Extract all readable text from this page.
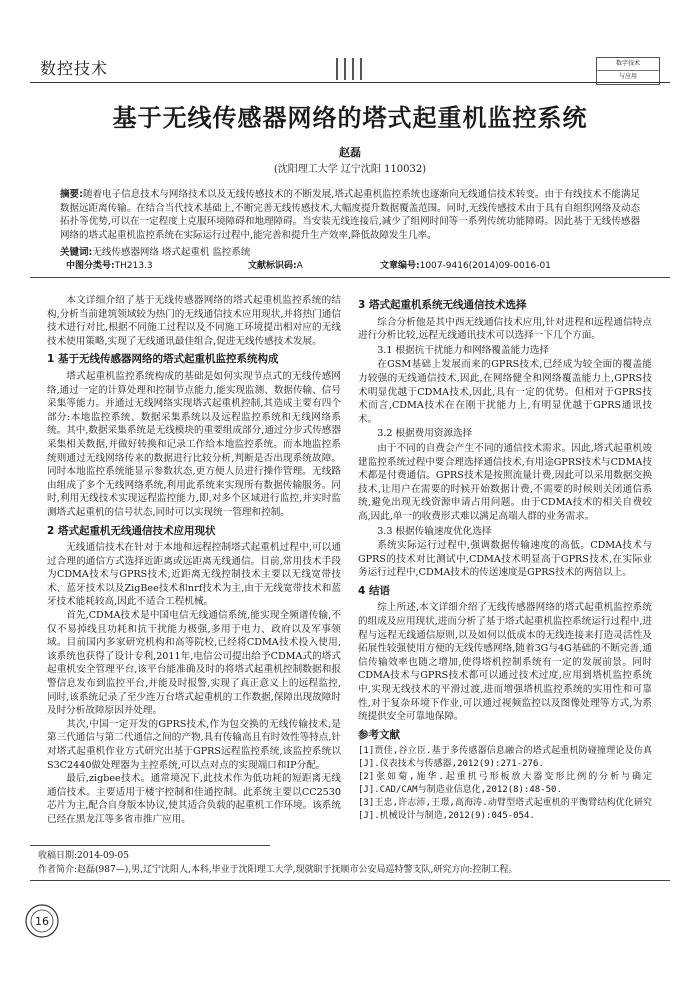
数控技术	数字技术
与应用
基于无线传感器网络的塔式起重机监控系统
赵磊
(沈阳理工大学 辽宁沈阳 110032)
摘要:随着电子信息技术与网络技术以及无线传感技术的不断发展,塔式起重机监控系统也逐渐向无线通信技术转变。由于有线技术不能满足数据远距离传输。在结合当代技术基础上,不断完善无线传感技术,大幅度提升数据覆盖范围。同时,无线传感技术由于具有自组织网络及动态拓扑等优势,可以在一定程度上克服环境障碍和地理障碍。当安装无线连接后,减少了组网时间等一系列传统功能障碍。因此基于无线传感器网络的塔式起重机监控系统在实际运行过程中,能完善和提升生产效率,降低故障发生几率。
关键词:无线传感器网络 塔式起重机 监控系统
中图分类号:TH213.3	文献标识码:A	文章编号:1007-9416(2014)09-0016-01

本文详细介绍了基于无线传感器网络的塔式起重机监控系统的结构,分析当前建筑领域较为热门的无线通信技术应用现状,并将热门通信技术进行对比,根据不同施工过程以及不同施工环境提出相对应的无线技术使用策略,实现了无线通讯最佳组合,促进无线传感技术发展。

1 基于无线传感器网络的塔式起重机监控系统构成

塔式起重机监控系统构成的基础是如何实现节点式的无线传感网络,通过一定的计算处理和控制节点能力,能实现监测、数据传输、信号采集等能力。并通过无线网络实现塔式起重机控制,其造成主要有四个部分:本地监控系统、数据采集系统以及远程监控系统和无线网络系统。其中,数据采集系统是无线模块的重要组成部分,通过分步式传感器采集相关数据,并做好转换和记录工作给本地监控系统。而本地监控系统则通过无线网络传来的数据进行比较分析,判断是否出现系统故障。同时本地监控系统能显示参数状态,更方便人员进行操作管理。无线路由组成了多个无线网络系统,利用此系统来实现所有数据传输服务。同时,利用无线技术实现远程监控能力,即,对多个区域进行监控,并实时监测塔式起重机的信号状态,同时可以实现统一管理和控制。

2 塔式起重机无线通信技术应用现状

无线通信技术在针对于本地和远程控制塔式起重机过程中,可以通过合理的通信方式选择近距离或远距离无线通信。目前,常用技术手段为CDMA技术与GPRS技术,近距离无线控制技术主要以无线宽带技术、蓝牙技术以及ZigBee技术和nrf技术为主,由于无线宽带技术和蓝牙技术能耗较高,因此不适合工程机械。

首先,CDMA技术是中国电信无线通信系统,能实现全频谱传输,不仅不易掉线且功耗和抗干扰能力极强,多用于电力、政府以及军事领域。目前国内多家研究机构和高等院校,已经将CDMA技术投入使用,该系统也获得了设计专利,2011年,电信公司提出给予CDMA式的塔式起重机安全管理平台,该平台能准确及时的将塔式起重机控制数据和报警信息发布到监控平台,并能及时报警,实现了真正意义上的远程监控,同时,该系统记录了至少连万台塔式起重机的工作数据,保障出现故障时及时分析故障原因并处理。

其次,中国一定开发的GPRS技术,作为包交换的无线传输技术,是第三代通信与第二代通信之间的产物,具有传输高且有时效性等特点,针对塔式起重机作业方式研究出基于GPRS远程监控系统,该监控系统以S3C2440做处理器为主控系统,可以点对点的实现端口和IP分配。

最后,zigbee技术。通常境况下,此技术作为低功耗的短距离无线通信技术。主要适用于楼宇控制和佳通控制。此系统主要以CC2530芯片为主,配合自身版本协议,使其适合负载的起重机工作环境。该系统已经在黑龙江等多省市推广应用。

3 塔式起重机系统无线通信技术选择

综合分析他是其中西无线通信技术应用,针对进程和远程通信特点进行分析比较,远程无线通讯技术可以选择一下几个方面。

3.1 根据抗干扰能力和网络覆盖能力选择

在GSM基础上发展而来的GPRS技术,已经成为较全面的覆盖能力较强的无线通信技术,因此,在网络健全和网络覆盖能力上,GPRS技术明显优越于CDMA技术,因此,具有一定的优势。但相对于GPRS技术而言,CDMA技术在在刚干扰能力上,有明显优越于GPRS通讯技术。

3.2 根据费用资源选择

由于不同的自费会产生不同的通信技术需求。因此,塔式起重机竣建监控系统过程中要合理选择通信技术,有用途GPRS技术与CDMA技术都是付费通信。GPRS技术是按照流量计费,因此可以采用数据交换技术,让用户在需要的时候开始数据计费,不需要的时候则关闭通信系统,避免出现无线资源申请占用问题。由于CDMA技术的相关自费较高,因此,单一的收费形式难以满足高端人群的业务需求。

3.3 根据传输速度优化选择

系统实际运行过程中,强调数据传输速度的高低。CDMA技术与GPRS的技术对比测试中,CDMA技术明显高于GPRS技术,在实际业务运行过程中,CDMA技术的传送速度是GPRS技术的两倍以上。

4 结语

综上所述,本文详细介绍了无线传感器网络的塔式起重机监控系统的组成及应用现状,进而分析了基于塔式起重机监控系统运行过程中,进程与远程无线通信原则,以及如何以低成本的无线连接来打造灵活性及拓展性较强使用方便的无线传感网络,随着3G与4G基础的不断完善,通信传输效率也随之增加,使得塔机控制系统有一定的发展前景。同时CDMA技术与GPRS技术都可以通过技术过度,应用到塔机监控系统中,实现无线技术的平滑过渡,进而增强塔机监控系统的实用性和可靠性,对于复杂环境下作业,可以通过视频监控以及图像处理等方式,为系统提供安全可靠地保障。

参考文献

[1]贾佳,谷立臣.基于多传感器信息融合的塔式起重机防碰撞理论及仿真[J].仪表技术与传感器,2012(9):271-276.

[2]张如菊,施华.起重机弓形板放大器变形比例的分析与确定[J].CAD/CAM与制造业信息化,2012(8):48-50.

[3]王忠,许志沛,王璟,高海涛.动臂型塔式起重机的平衡臂结构优化研究[J].机械设计与制造,2012(9):045-054.

收稿日期:2014-09-05
作者简介:赵磊(987—),男,辽宁沈阳人,本科,毕业于沈阳理工大学,现就职于抚顺市公安局巡特警支队,研究方向:控制工程。
16
